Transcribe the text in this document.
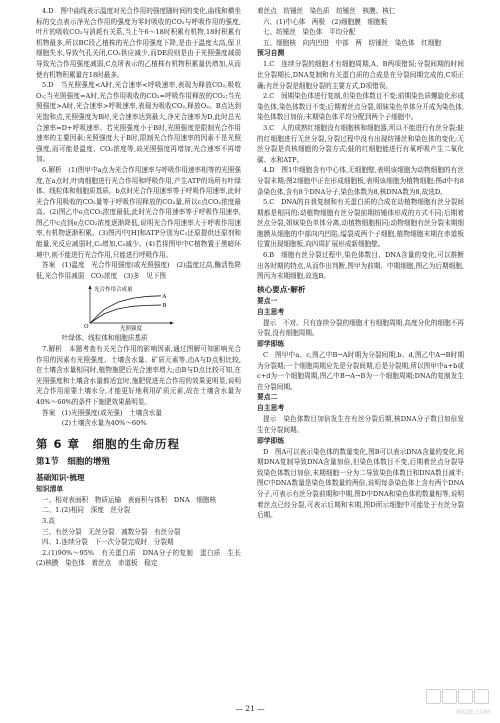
4.D　图中曲线表示温度对光合作用的强度随时间的变化,曲线和横坐标的交点表示净光合作用的强度为零时吸收的CO₂与呼吸作用的强度,叶片的吸收CO₂与消耗有关系,当上午6～18时积累有机物,18时积累有机物最多,所以BC段乙植株的光合作用强度下降,是由于温度太高,保卫细胞失水,导致气孔关闭,CO₂供应减少,而DE段则是由于光照强度减弱导致光合作用强度减弱,C点所表示的乙植株有机物积累量仍增加,从而使有机物积累量在18时最多。

5.D　当光照强度<A时,光合速率<呼吸速率,表现为释放CO₂,吸收O₂;当光照强度=A时,光合作用吸收的CO₂=呼吸作用释放的CO₂;当光照强度>A时,光合速率>呼吸速率,表现为吸收CO₂,释放O₂。B点达到光饱和点,光照强度为B时,光合速率达到最大,净光合速率为D,此时总光合速率=D+呼吸速率。若光照强度小于B时,光照强度是限制光合作用速率的主要因素;光照强度大于B时,限制光合作用速率的因素不是光照强度,而可能是温度、CO₂浓度等,故光照强度再增加,光合速率不再增加。

6.解析　(1)图甲中a点为光合作用速率与呼吸作用速率相等的光照强度,在a点时,叶肉细胞进行光合作用和呼吸作用,产生ATP的场所有叶绿体、线粒体和细胞质基质。b点时光合作用速率等于呼吸作用速率,此时光合作用吸收的CO₂量等于呼吸作用释放的CO₂量,所以c点CO₂浓度最高。(2)图乙中e点CO₂浓度最低,此时光合作用速率等于呼吸作用速率,图乙中c点到e点CO₂浓度逐渐降低,说明光合作用速率大于呼吸作用速率,有机物逐渐积累。(3)图丙中[H]和ATP分别为C₃还原提供还原剂和能量,光反应减弱时,C₃增加,C₅减少。(4)若将图甲中C植物置于黑暗环境中,则不能进行光合作用,只能进行呼吸作用。

答案　 (1)温度　光合作用强度(或光照强度)　(2)温度过高,酶活性降低,光合作用减弱　CO₂浓度　(3)多　见下图

光合作用合成量
光照强度
O
A
B

　　　叶绿体、线粒体和细胞质基质

7.解析　本题考查有关光合作用的影响因素,通过图解可知影响光合作用的因素有光照强度、土壤含水量、矿质元素等,由A与D点相比较,在土壤含水量相同时,植物施肥后光合速率增大;由B与D点比较可知,在光照强度和土壤含水量都适宜时,施肥促进光合作用的效果更明显,说明光合作用需要土壤水分,才能更好地利用矿质元素,故在土壤含水量为40%～60%的条件下施肥效果最明显。

答案　(1)光照强度(或光强)　土壤含水量

　　　(2)土壤含水量为40%～60%

第 6 章　细胞的生命历程

第1节　细胞的增殖

基础知识·梳理

知识清单

一、相对表面积　物质运输　表面积与体积　DNA　细胞核

二、1.(2)相同　深度　丝分裂

3.高

三、有丝分裂　无丝分裂　减数分裂　有丝分裂

四、1.连续分裂　下一次分裂完成时　分裂期

2.(1)90%～95%　有关蛋白质　DNA分子的复制　蛋白质　生长　(2)核膜　染色体　着丝点　赤道板　稳定

着丝点　纺锤丝　染色质　纺锤丝　核膜、核仁

六、(1)中心体　两极　(2)细胞膜　细胞板

七、纺锤丝　染色体　平均分配

五、细胞核　向内凹进　中部　两　纺锤丝　染色体　红细胞

预习自测

1.C　连续分裂的细胞才有细胞周期,A、B两项错误;分裂间期的时间比分裂期长,DNA复制和有关蛋白质的合成是在分裂间期完成的,C项正确;有丝分裂是细胞分裂的主要方式,D项错误。

2.C　间期染色体进行复制,但染色体数目不变;前期染色质螺旋化形成染色体,染色体数目不变;后期着丝点分裂,姐妹染色单体分开成为染色体,染色体数目加倍;末期染色体平均分配到两个子细胞中。

3.C　人的成熟红细胞没有细胞核和细胞器,所以不能进行有丝分裂;蛙的红细胞进行无丝分裂,分裂过程中没有出现纺锤丝和染色体的变化;无丝分裂是真核细胞的分裂方式;蛙的红细胞能进行有氧呼吸产生二氧化碳、水和ATP。

4.D　图1中细胞含有中心体,无细胞壁,表明该细胞为动物细胞的有丝分裂末期;图2细胞中正在形成细胞板,表明该细胞为植物细胞;图d中有8条染色体,含有8个DNA分子,染色体数为8,核DNA数为8,故选D。

5.C　DNA的自我复制和有关蛋白质的合成在动植物细胞有丝分裂间期都是相同的;动植物细胞有丝分裂前期纺锤体形成的方式不同;后期着丝点分裂,姐妹染色单体分离,动植物细胞相同;动物细胞有丝分裂末期细胞膜从细胞的中部向内凹陷,缢裂成两个子细胞,植物细胞末期在赤道板位置出现细胞板,向四周扩展形成新细胞壁。

6.B　细胞有丝分裂过程中,染色体数目、DNA含量的变化,可以推断出各时期的特点,从而作出判断,图甲为前期、中期细胞,图乙为后期细胞,图丙为末期细胞,故选B。

核心要点·解析

要点一

自主思考

提示　不对。只有连续分裂的细胞才有细胞周期,高度分化的细胞不再分裂,没有细胞周期。

即学即练

C　图甲中a、c,图乙中B→A时期为分裂间期,b、d,图乙中A→B时期为分裂期;一个细胞周期应先是分裂间期,后是分裂期,所以图甲中a+b或c+d为一个细胞周期,图乙中B→A→B为一个细胞周期;DNA的复制发生在分裂间期。

要点二

自主思考

提示　染色体数目加倍发生在有丝分裂后期,核DNA分子数目加倍发生在分裂间期。

即学即练

D　图A可以表示染色体的数量变化,图B可以表示DNA含量的变化,间期DNA复制导致DNA含量加倍,但染色体数目不变,后期着丝点分裂导致染色体数目加倍,末期细胞一分为二导致染色体数目和DNA数目减半;图C中DNA数量是染色体数量的两倍,说明每条染色体上含有两个DNA分子,可表示有丝分裂前期和中期,图D中DNA和染色体的数量相等,说明着丝点已经分裂,可表示后期和末期,图D所示细胞中可能处于有丝分裂后期。

— 21 —	MXQE.COM
